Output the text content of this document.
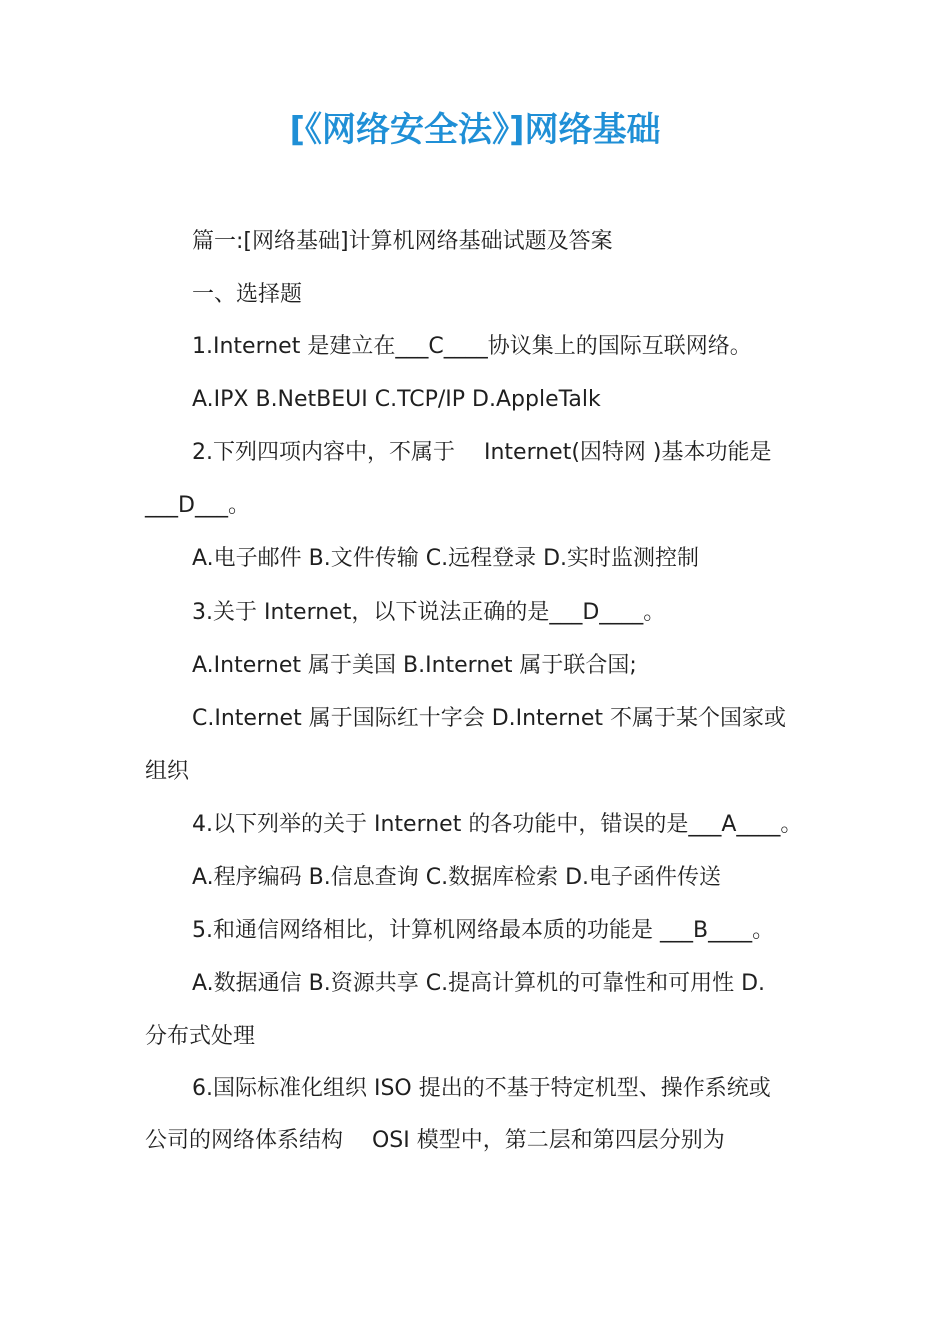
[《网络安全法》]网络基础
篇一:[网络基础]计算机网络基础试题及答案
一、选择题
1.Internet 是建立在___C____协议集上的国际互联网络。
A.IPX B.NetBEUI C.TCP/IP D.AppleTalk
2.下列四项内容中，不属于　 Internet(因特网 )基本功能是
___D___。
A.电子邮件 B.文件传输 C.远程登录 D.实时监测控制
3.关于 Internet，以下说法正确的是___D____。
A.Internet 属于美国 B.Internet 属于联合国;
C.Internet 属于国际红十字会 D.Internet 不属于某个国家或
组织
4.以下列举的关于 Internet 的各功能中，错误的是___A____。
A.程序编码 B.信息查询 C.数据库检索 D.电子函件传送
5.和通信网络相比，计算机网络最本质的功能是 ___B____。
A.数据通信 B.资源共享 C.提高计算机的可靠性和可用性 D.
分布式处理
6.国际标准化组织 ISO 提出的不基于特定机型、操作系统或
公司的网络体系结构　 OSI 模型中，第二层和第四层分别为
